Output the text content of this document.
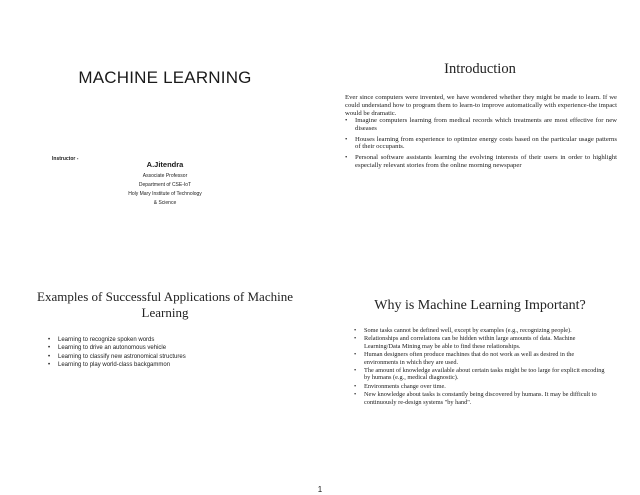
MACHINE LEARNING
Instructor -
A.Jitendra
Associate Professor
Department of CSE-IoT
Holy Mary Institute of Technology
& Science
Introduction
Ever since computers were invented, we have wondered whether they might be made to learn. If we could understand how to program them to learn-to improve automatically with experience-the impact would be dramatic.
• Imagine computers learning from medical records which treatments are most effective for new diseases
• Houses learning from experience to optimize energy costs based on the particular usage patterns of their occupants.
• Personal software assistants learning the evolving interests of their users in order to highlight especially relevant stories from the online morning newspaper
Examples of Successful Applications of Machine Learning
• Learning to recognize spoken words
• Learning to drive an autonomous vehicle
• Learning to classify new astronomical structures
• Learning to play world-class backgammon
Why is Machine Learning Important?
• Some tasks cannot be defined well, except by examples (e.g., recognizing people).
• Relationships and correlations can be hidden within large amounts of data. Machine Learning/Data Mining may be able to find these relationships.
• Human designers often produce machines that do not work as well as desired in the environments in which they are used.
• The amount of knowledge available about certain tasks might be too large for explicit encoding by humans (e.g., medical diagnostic).
• Environments change over time.
• New knowledge about tasks is constantly being discovered by humans. It may be difficult to continuously re-design systems "by hand".
1
